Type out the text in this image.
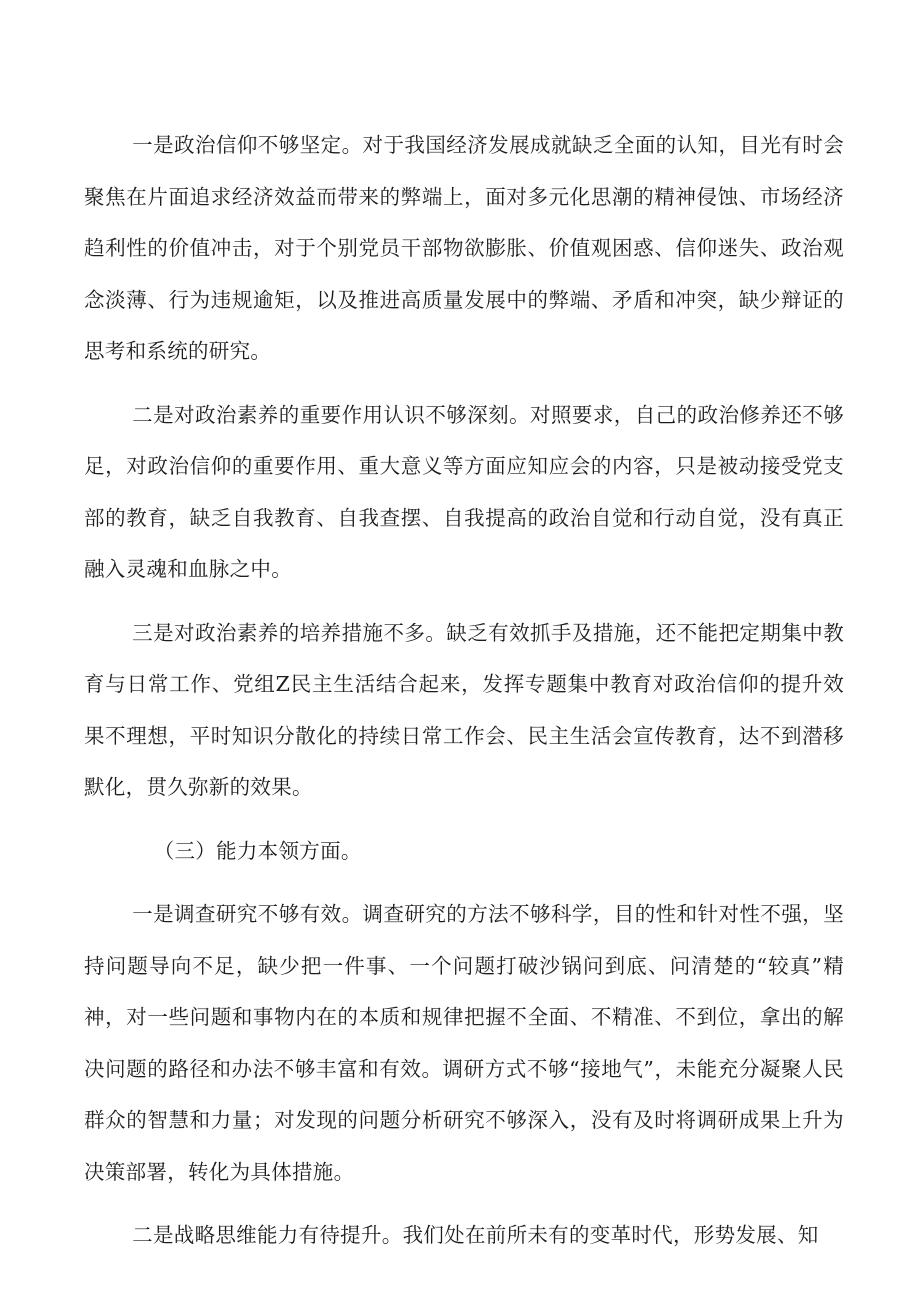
一是政治信仰不够坚定。对于我国经济发展成就缺乏全面的认知，目光有时会聚焦在片面追求经济效益而带来的弊端上，面对多元化思潮的精神侵蚀、市场经济趋利性的价值冲击，对于个别党员干部物欲膨胀、价值观困惑、信仰迷失、政治观念淡薄、行为违规逾矩，以及推进高质量发展中的弊端、矛盾和冲突，缺少辩证的思考和系统的研究。

二是对政治素养的重要作用认识不够深刻。对照要求，自己的政治修养还不够足，对政治信仰的重要作用、重大意义等方面应知应会的内容，只是被动接受党支部的教育，缺乏自我教育、自我查摆、自我提高的政治自觉和行动自觉，没有真正融入灵魂和血脉之中。

三是对政治素养的培养措施不多。缺乏有效抓手及措施，还不能把定期集中教育与日常工作、党组Z民主生活结合起来，发挥专题集中教育对政治信仰的提升效果不理想，平时知识分散化的持续日常工作会、民主生活会宣传教育，达不到潜移默化，贯久弥新的效果。

（三）能力本领方面。

一是调查研究不够有效。调查研究的方法不够科学，目的性和针对性不强，坚持问题导向不足，缺少把一件事、一个问题打破沙锅问到底、问清楚的“较真”精神，对一些问题和事物内在的本质和规律把握不全面、不精准、不到位，拿出的解决问题的路径和办法不够丰富和有效。调研方式不够“接地气”，未能充分凝聚人民群众的智慧和力量；对发现的问题分析研究不够深入，没有及时将调研成果上升为决策部署，转化为具体措施。

二是战略思维能力有待提升。我们处在前所未有的变革时代，形势发展、知
